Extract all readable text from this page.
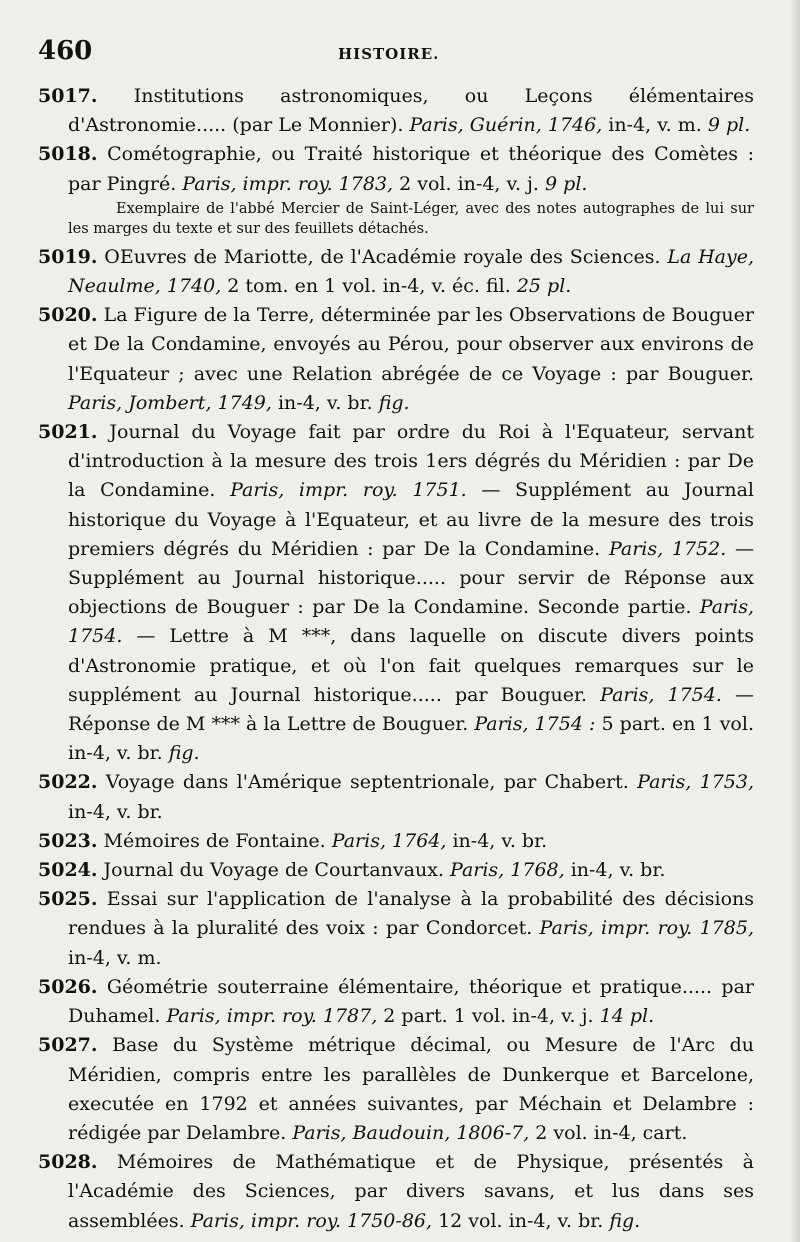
460	HISTOIRE.

5017. Institutions astronomiques, ou Leçons élémentaires d'Astronomie..... (par Le Monnier). Paris, Guérin, 1746, in-4, v. m. 9 pl.

5018. Cométographie, ou Traité historique et théorique des Comètes : par Pingré. Paris, impr. roy. 1783, 2 vol. in-4, v. j. 9 pl.

Exemplaire de l'abbé Mercier de Saint-Léger, avec des notes autographes de lui sur les marges du texte et sur des feuillets détachés.

5019. OEuvres de Mariotte, de l'Académie royale des Sciences. La Haye, Neaulme, 1740, 2 tom. en 1 vol. in-4, v. éc. fil. 25 pl.

5020. La Figure de la Terre, déterminée par les Observations de Bouguer et De la Condamine, envoyés au Pérou, pour observer aux environs de l'Equateur ; avec une Relation abrégée de ce Voyage : par Bouguer. Paris, Jombert, 1749, in-4, v. br. fig.

5021. Journal du Voyage fait par ordre du Roi à l'Equateur, servant d'introduction à la mesure des trois 1ers dégrés du Méridien : par De la Condamine. Paris, impr. roy. 1751. — Supplément au Journal historique du Voyage à l'Equateur, et au livre de la mesure des trois premiers dégrés du Méridien : par De la Condamine. Paris, 1752. — Supplément au Journal historique..... pour servir de Réponse aux objections de Bouguer : par De la Condamine. Seconde partie. Paris, 1754. — Lettre à M ***, dans laquelle on discute divers points d'Astronomie pratique, et où l'on fait quelques remarques sur le supplément au Journal historique..... par Bouguer. Paris, 1754. — Réponse de M *** à la Lettre de Bouguer. Paris, 1754 : 5 part. en 1 vol. in-4, v. br. fig.

5022. Voyage dans l'Amérique septentrionale, par Chabert. Paris, 1753, in-4, v. br.

5023. Mémoires de Fontaine. Paris, 1764, in-4, v. br.

5024. Journal du Voyage de Courtanvaux. Paris, 1768, in-4, v. br.

5025. Essai sur l'application de l'analyse à la probabilité des décisions rendues à la pluralité des voix : par Condorcet. Paris, impr. roy. 1785, in-4, v. m.

5026. Géométrie souterraine élémentaire, théorique et pratique..... par Duhamel. Paris, impr. roy. 1787, 2 part. 1 vol. in-4, v. j. 14 pl.

5027. Base du Système métrique décimal, ou Mesure de l'Arc du Méridien, compris entre les parallèles de Dunkerque et Barcelone, executée en 1792 et années suivantes, par Méchain et Delambre : rédigée par Delambre. Paris, Baudouin, 1806-7, 2 vol. in-4, cart.

5028. Mémoires de Mathématique et de Physique, présentés à l'Académie des Sciences, par divers savans, et lus dans ses assemblées. Paris, impr. roy. 1750-86, 12 vol. in-4, v. br. fig.
